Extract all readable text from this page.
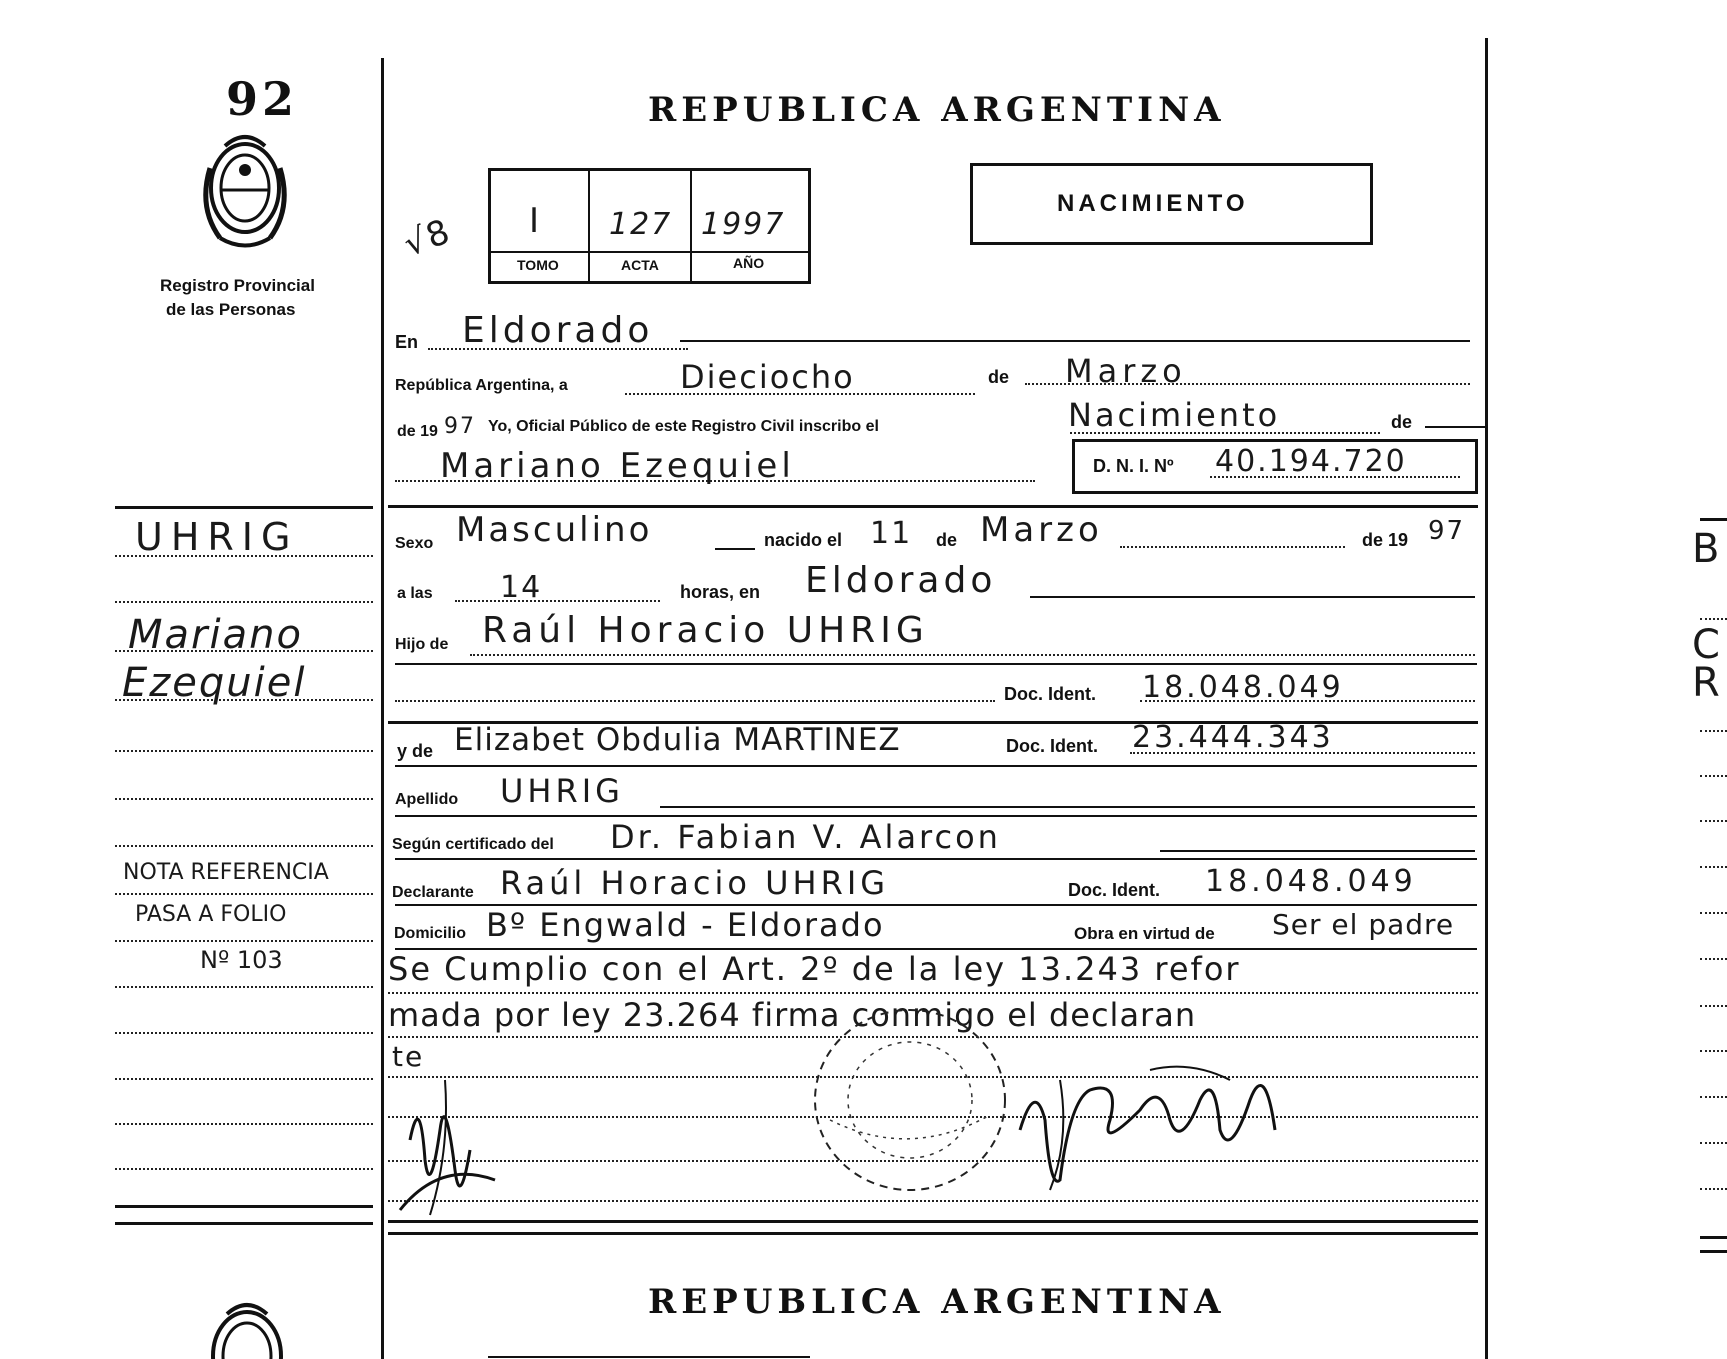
92
Registro Provincial
de las Personas
UHRIG
Mariano
Ezequiel
NOTA REFERENCIA
PASA A FOLIO
Nº 103
REPUBLICA ARGENTINA
I 127 1997
TOMO	ACTA	AÑO
√8
NACIMIENTO
En Eldorado
República Argentina, a	de
Dieciocho	Marzo
de 19 97 Yo, Oficial Público de este Registro Civil inscribo el	Nacimiento	de
Mariano Ezequiel	D. N. I. Nº 40.194.720
Sexo Masculino	nacido el 11 de Marzo	de 19 97
a las 14	horas, en Eldorado
Hijo de Raúl Horacio UHRIG
Doc. Ident. 18.048.049
y de Elizabet Obdulia MARTINEZ	Doc. Ident. 23.444.343
Apellido UHRIG
Según certificado del Dr. Fabian V. Alarcon
Declarante Raúl Horacio UHRIG	Doc. Ident. 18.048.049
Domicilio Bº Engwald - Eldorado	Obra en virtud de Ser el padre
Se Cumplio con el Art. 2º de la ley 13.243 refor
mada por ley 23.264 firma conmigo el declaran
te
REPUBLICA ARGENTINA
B
C
R
